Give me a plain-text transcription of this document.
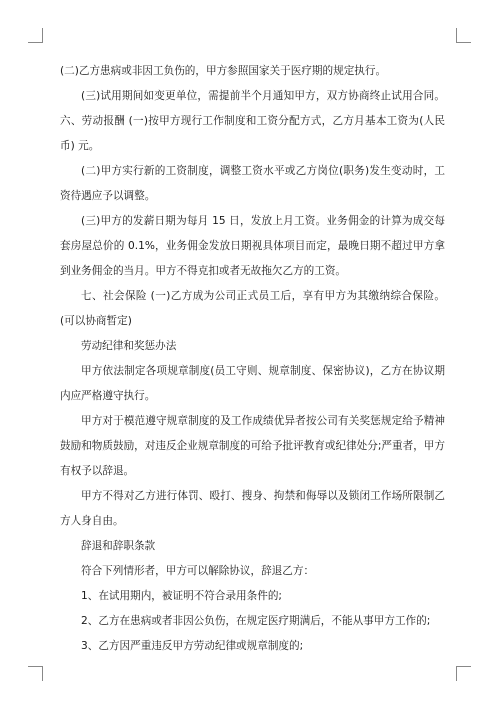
(二)乙方患病或非因工负伤的，甲方参照国家关于医疗期的规定执行。

(三)试用期间如变更单位，需提前半个月通知甲方，双方协商终止试用合同。六、劳动报酬 (一)按甲方现行工作制度和工资分配方式，乙方月基本工资为(人民币) 元。

(二)甲方实行新的工资制度，调整工资水平或乙方岗位(职务)发生变动时，工资待遇应予以调整。

(三)甲方的发薪日期为每月 15 日，发放上月工资。业务佣金的计算为成交每套房屋总价的 0.1%，业务佣金发放日期视具体项目而定，最晚日期不超过甲方拿到业务佣金的当月。甲方不得克扣或者无故拖欠乙方的工资。

七、社会保险 (一)乙方成为公司正式员工后，享有甲方为其缴纳综合保险。(可以协商暂定)

劳动纪律和奖惩办法

甲方依法制定各项规章制度(员工守则、规章制度、保密协议)，乙方在协议期内应严格遵守执行。

甲方对于模范遵守规章制度的及工作成绩优异者按公司有关奖惩规定给予精神鼓励和物质鼓励，对违反企业规章制度的可给予批评教育或纪律处分;严重者，甲方有权予以辞退。

甲方不得对乙方进行体罚、殴打、搜身、拘禁和侮辱以及锁闭工作场所限制乙方人身自由。

辞退和辞职条款

符合下列情形者，甲方可以解除协议，辞退乙方：

1、在试用期内，被证明不符合录用条件的;

2、乙方在患病或者非因公负伤，在规定医疗期满后，不能从事甲方工作的;

3、乙方因严重违反甲方劳动纪律或规章制度的;
